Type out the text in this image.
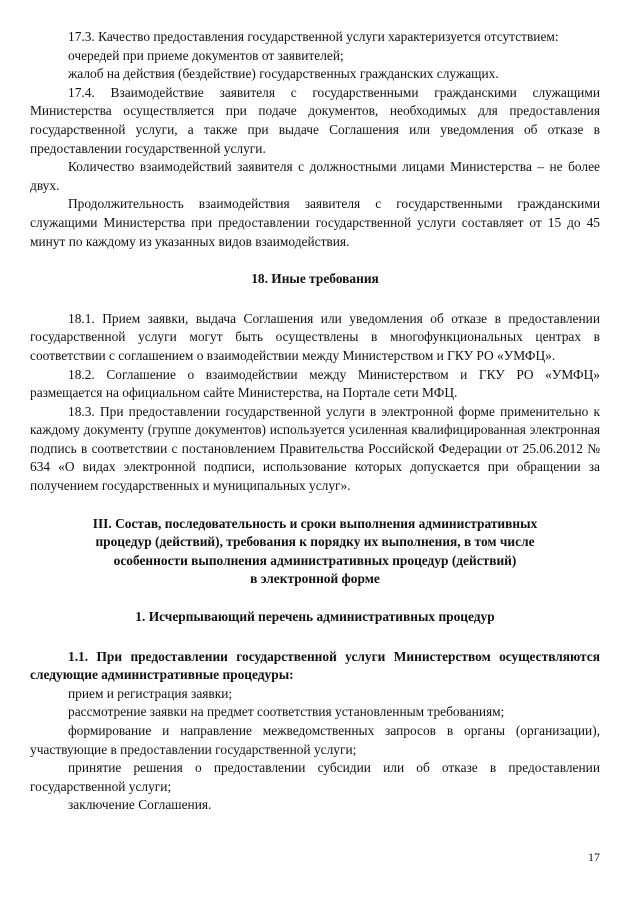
17.3. Качество предоставления государственной услуги характеризуется отсутствием:

очередей при приеме документов от заявителей;

жалоб на действия (бездействие) государственных гражданских служащих.

17.4. Взаимодействие заявителя с государственными гражданскими служащими Министерства осуществляется при подаче документов, необходимых для предоставления государственной услуги, а также при выдаче Соглашения или уведомления об отказе в предоставлении государственной услуги.

Количество взаимодействий заявителя с должностными лицами Министерства – не более двух.

Продолжительность взаимодействия заявителя с государственными гражданскими служащими Министерства при предоставлении государственной услуги составляет от 15 до 45 минут по каждому из указанных видов взаимодействия.

18. Иные требования

18.1. Прием заявки, выдача Соглашения или уведомления об отказе в предоставлении государственной услуги могут быть осуществлены в многофункциональных центрах в соответствии с соглашением о взаимодействии между Министерством и ГКУ РО «УМФЦ».

18.2. Соглашение о взаимодействии между Министерством и ГКУ РО «УМФЦ» размещается на официальном сайте Министерства, на Портале сети МФЦ.

18.3. При предоставлении государственной услуги в электронной форме применительно к каждому документу (группе документов) используется усиленная квалифицированная электронная подпись в соответствии с постановлением Правительства Российской Федерации от 25.06.2012 № 634 «О видах электронной подписи, использование которых допускается при обращении за получением государственных и муниципальных услуг».

III. Состав, последовательность и сроки выполнения административных

процедур (действий), требования к порядку их выполнения, в том числе

особенности выполнения административных процедур (действий)

в электронной форме

1. Исчерпывающий перечень административных процедур

1.1. При предоставлении государственной услуги Министерством осуществляются следующие административные процедуры:

прием и регистрация заявки;

рассмотрение заявки на предмет соответствия установленным требованиям;

формирование и направление межведомственных запросов в органы (организации), участвующие в предоставлении государственной услуги;

принятие решения о предоставлении субсидии или об отказе в предоставлении государственной услуги;

заключение Соглашения.

17
